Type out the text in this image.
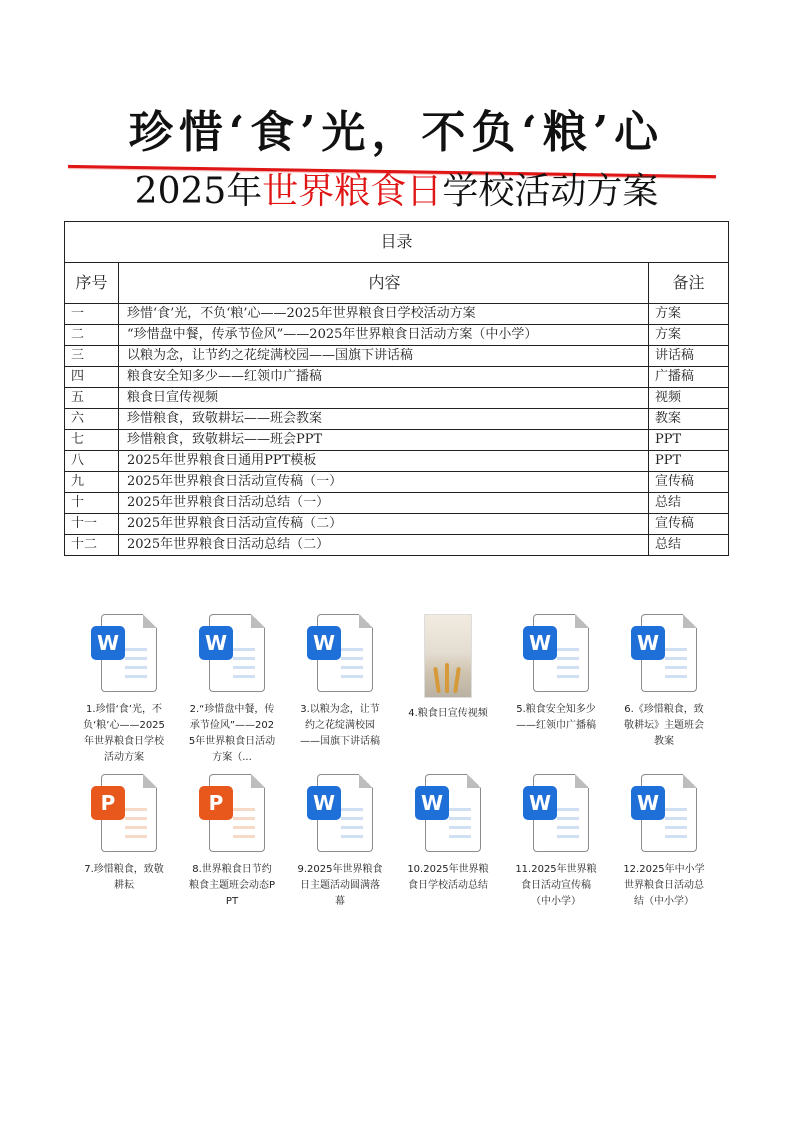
珍惜‘食’光，不负‘粮’心
2025年世界粮食日学校活动方案
目录		
序号	内容	备注
一	珍惜‘食’光，不负‘粮’心——2025年世界粮食日学校活动方案	方案
二	“珍惜盘中餐，传承节俭风”——2025年世界粮食日活动方案（中小学）	方案
三	以粮为念，让节约之花绽满校园——国旗下讲话稿	讲话稿
四	粮食安全知多少——红领巾广播稿	广播稿
五	粮食日宣传视频	视频
六	珍惜粮食，致敬耕坛——班会教案	教案
七	珍惜粮食，致敬耕坛——班会PPT	PPT
八	2025年世界粮食日通用PPT模板	PPT
九	2025年世界粮食日活动宣传稿（一）	宣传稿
十	2025年世界粮食日活动总结（一）	总结
十一	2025年世界粮食日活动宣传稿（二）	宣传稿
十二	2025年世界粮食日活动总结（二）	总结
W
1.珍惜‘食’光，不负‘粮’心——2025年世界粮食日学校活动方案
W
2.“珍惜盘中餐，传承节俭风”——2025年世界粮食日活动方案（...
W
3.以粮为念，让节约之花绽满校园——国旗下讲话稿
4.粮食日宣传视频
W
5.粮食安全知多少——红领巾广播稿
W
6.《珍惜粮食，致敬耕坛》主题班会教案
P
7.珍惜粮食，致敬耕耘
P
8.世界粮食日节约粮食主题班会动态PPT
W
9.2025年世界粮食日主题活动圆满落幕
W
10.2025年世界粮食日学校活动总结
W
11.2025年世界粮食日活动宣传稿（中小学）
W
12.2025年中小学世界粮食日活动总结（中小学）
